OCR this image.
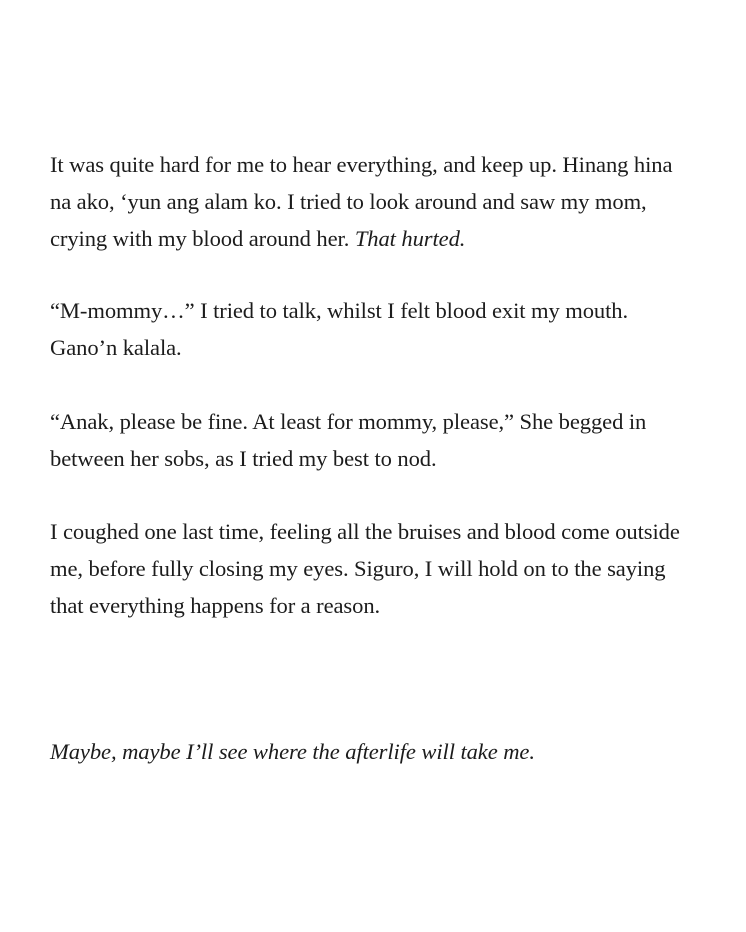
It was quite hard for me to hear everything, and keep up. Hinang hina
na ako, ‘yun ang alam ko. I tried to look around and saw my mom,
crying with my blood around her. That hurted.

“M-mommy…” I tried to talk, whilst I felt blood exit my mouth.
Gano’n kalala.

“Anak, please be fine. At least for mommy, please,” She begged in
between her sobs, as I tried my best to nod.

I coughed one last time, feeling all the bruises and blood come outside
me, before fully closing my eyes. Siguro, I will hold on to the saying
that everything happens for a reason.

Maybe, maybe I’ll see where the afterlife will take me.
